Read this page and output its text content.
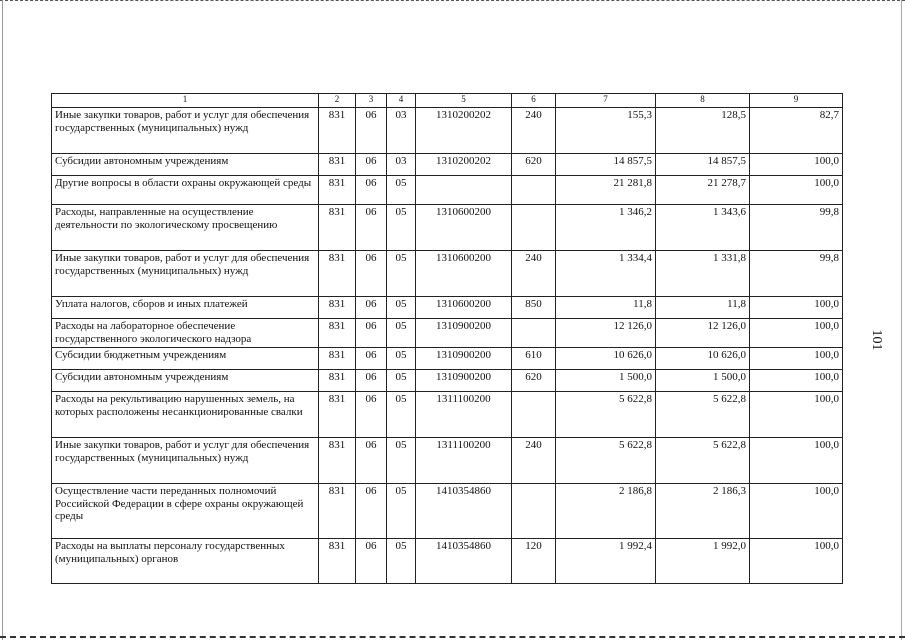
101
1	2	3	4	5	6	7	8	9
Иные закупки товаров, работ и услуг для обеспечения государственных (муниципальных) нужд	831	06	03	1310200202	240	155,3	128,5	82,7
Субсидии автономным учреждениям	831	06	03	1310200202	620	14 857,5	14 857,5	100,0
Другие вопросы в области охраны окружающей среды	831	06	05			21 281,8	21 278,7	100,0
Расходы, направленные на осуществление деятельности по экологическому просвещению	831	06	05	1310600200		1 346,2	1 343,6	99,8
Иные закупки товаров, работ и услуг для обеспечения государственных (муниципальных) нужд	831	06	05	1310600200	240	1 334,4	1 331,8	99,8
Уплата налогов, сборов и иных платежей	831	06	05	1310600200	850	11,8	11,8	100,0
Расходы на лабораторное обеспечение государственного экологического надзора	831	06	05	1310900200		12 126,0	12 126,0	100,0
Субсидии бюджетным учреждениям	831	06	05	1310900200	610	10 626,0	10 626,0	100,0
Субсидии автономным учреждениям	831	06	05	1310900200	620	1 500,0	1 500,0	100,0
Расходы на рекультивацию нарушенных земель, на которых расположены несанкционированные свалки	831	06	05	1311100200		5 622,8	5 622,8	100,0
Иные закупки товаров, работ и услуг для обеспечения государственных (муниципальных) нужд	831	06	05	1311100200	240	5 622,8	5 622,8	100,0
Осуществление части переданных полномочий Российской Федерации в сфере охраны окружающей среды	831	06	05	1410354860		2 186,8	2 186,3	100,0
Расходы на выплаты персоналу государственных (муниципальных) органов	831	06	05	1410354860	120	1 992,4	1 992,0	100,0
